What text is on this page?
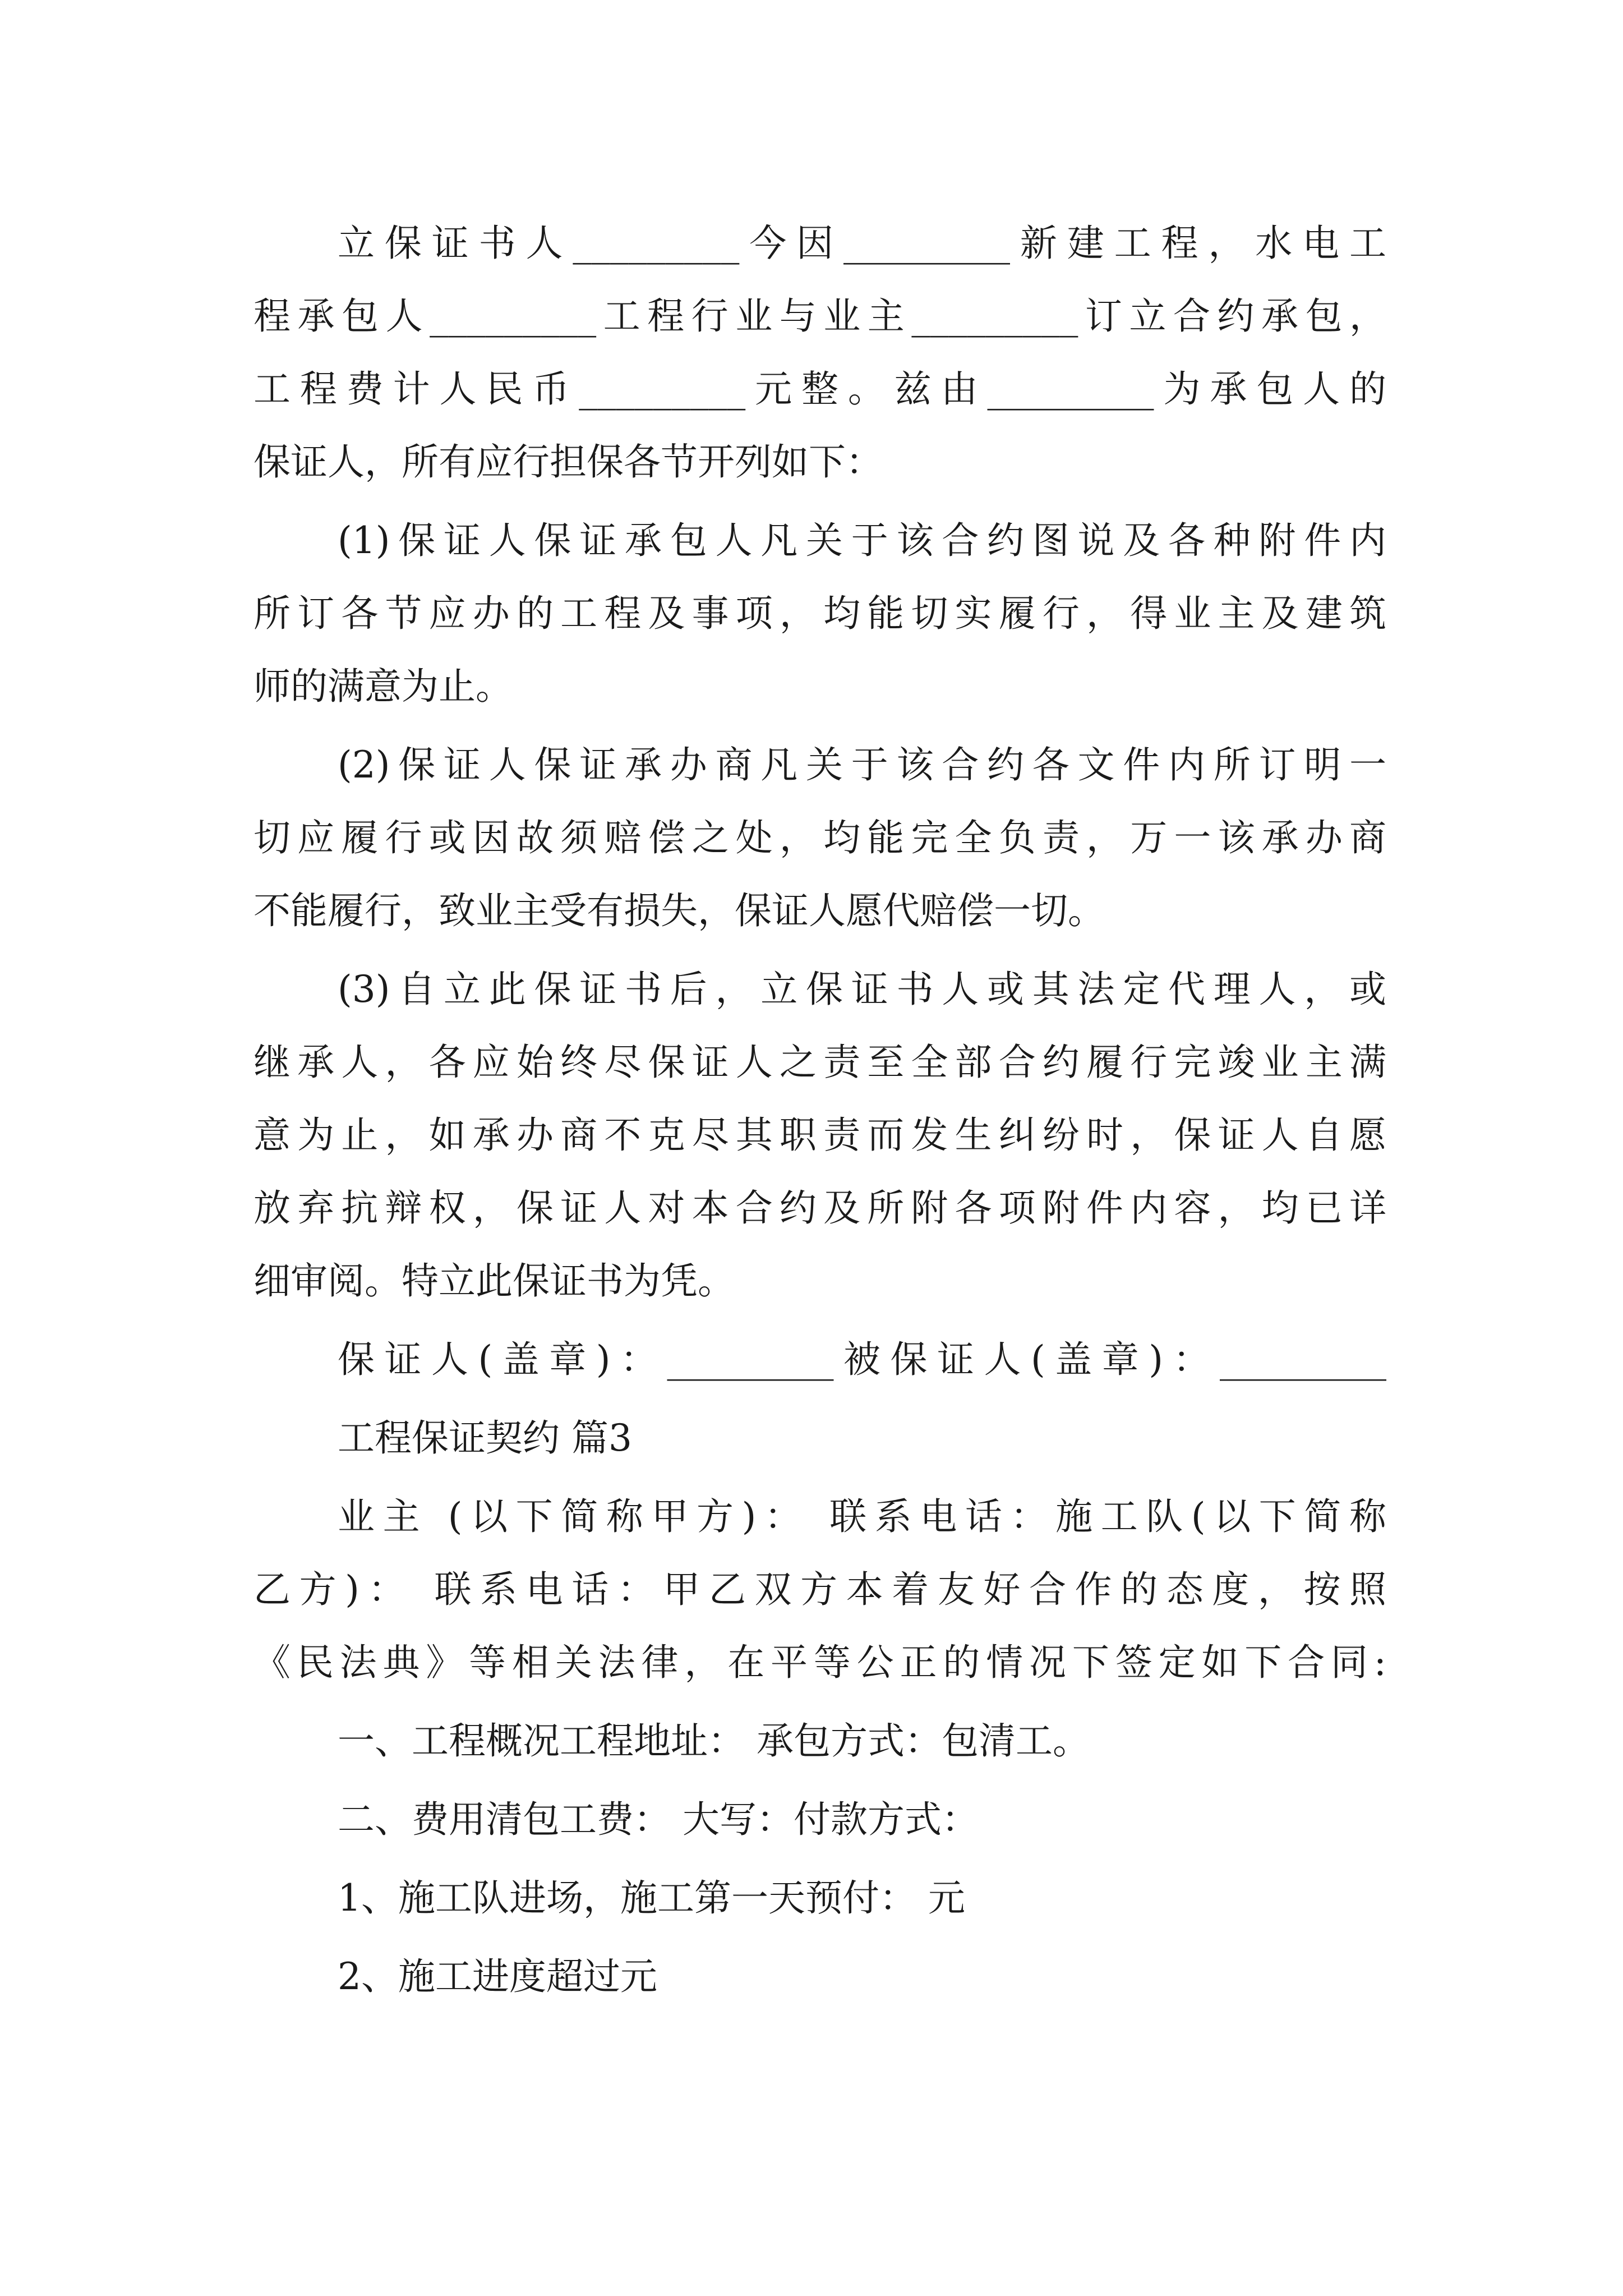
立保证书人_________今因_________新建工程，水电工
程承包人_________工程行业与业主_________订立合约承包，
工程费计人民币_________元整。兹由_________为承包人的
保证人，所有应行担保各节开列如下：
(1)保证人保证承包人凡关于该合约图说及各种附件内
所订各节应办的工程及事项，均能切实履行，得业主及建筑
师的满意为止。
(2)保证人保证承办商凡关于该合约各文件内所订明一
切应履行或因故须赔偿之处，均能完全负责，万一该承办商
不能履行，致业主受有损失，保证人愿代赔偿一切。
(3)自立此保证书后，立保证书人或其法定代理人，或
继承人，各应始终尽保证人之责至全部合约履行完竣业主满
意为止，如承办商不克尽其职责而发生纠纷时，保证人自愿
放弃抗辩权，保证人对本合约及所附各项附件内容，均已详
细审阅。特立此保证书为凭。
保证人(盖章)：_________被保证人(盖章)：_________
工程保证契约 篇3
业主 (以下简称甲方)： 联系电话：施工队(以下简称
乙方)： 联系电话：甲乙双方本着友好合作的态度，按照
《民法典》等相关法律，在平等公正的情况下签定如下合同:
一、工程概况工程地址： 承包方式：包清工。
二、费用清包工费： 大写：付款方式：
1、施工队进场，施工第一天预付： 元
2、施工进度超过元
